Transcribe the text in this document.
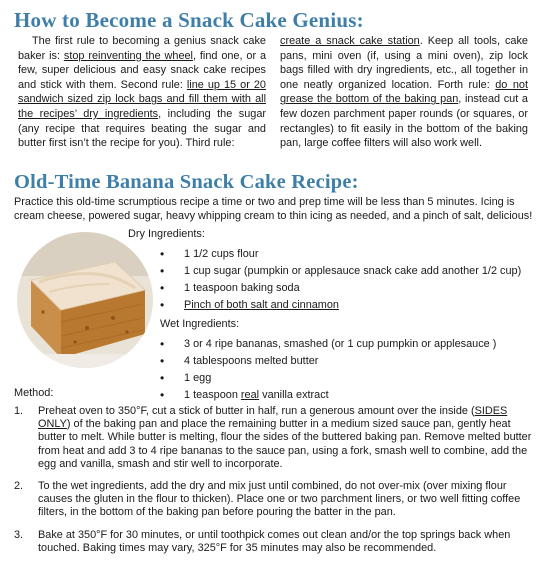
How to Become a Snack Cake Genius:

The first rule to becoming a genius snack cake baker is: stop reinventing the wheel, find one, or a few, super delicious and easy snack cake recipes and stick with them. Second rule: line up 15 or 20 sandwich sized zip lock bags and fill them with all the recipes’ dry ingredients, including the sugar (any recipe that requires beating the sugar and butter first isn’t the recipe for you). Third rule:

create a snack cake station. Keep all tools, cake pans, mini oven (if, using a mini oven), zip lock bags filled with dry ingredients, etc., all together in one neatly organized location. Forth rule: do not grease the bottom of the baking pan, instead cut a few dozen parchment paper rounds (or squares, or rectangles) to fit easily in the bottom of the baking pan, large coffee filters will also work well.

Old-Time Banana Snack Cake Recipe:

Practice this old-time scrumptious recipe a time or two and prep time will be less than 5 minutes. Icing is cream cheese, powered sugar, heavy whipping cream to thin icing as needed, and a pinch of salt, delicious!

Dry Ingredients:

• 1 1/2 cups flour
• 1 cup sugar (pumpkin or applesauce snack cake add another 1/2 cup)
• 1 teaspoon baking soda
• Pinch of both salt and cinnamon

Wet Ingredients:

• 3 or 4 ripe bananas, smashed (or 1 cup pumpkin or applesauce )
• 4 tablespoons melted butter
• 1 egg
• 1 teaspoon real vanilla extract

Method:

1. Preheat oven to 350°F, cut a stick of butter in half, run a generous amount over the inside (SIDES ONLY) of the baking pan and place the remaining butter in a medium sized sauce pan, gently heat butter to melt. While butter is melting, flour the sides of the buttered baking pan. Remove melted butter from heat and add 3 to 4 ripe bananas to the sauce pan, using a fork, smash well to combine, add the egg and vanilla, smash and stir well to incorporate.
2. To the wet ingredients, add the dry and mix just until combined, do not over-mix (over mixing flour causes the gluten in the flour to thicken). Place one or two parchment liners, or two well fitting coffee filters, in the bottom of the baking pan before pouring the batter in the pan.
3. Bake at 350°F for 30 minutes, or until toothpick comes out clean and/or the top springs back when touched. Baking times may vary, 325°F for 35 minutes may also be recommended.
